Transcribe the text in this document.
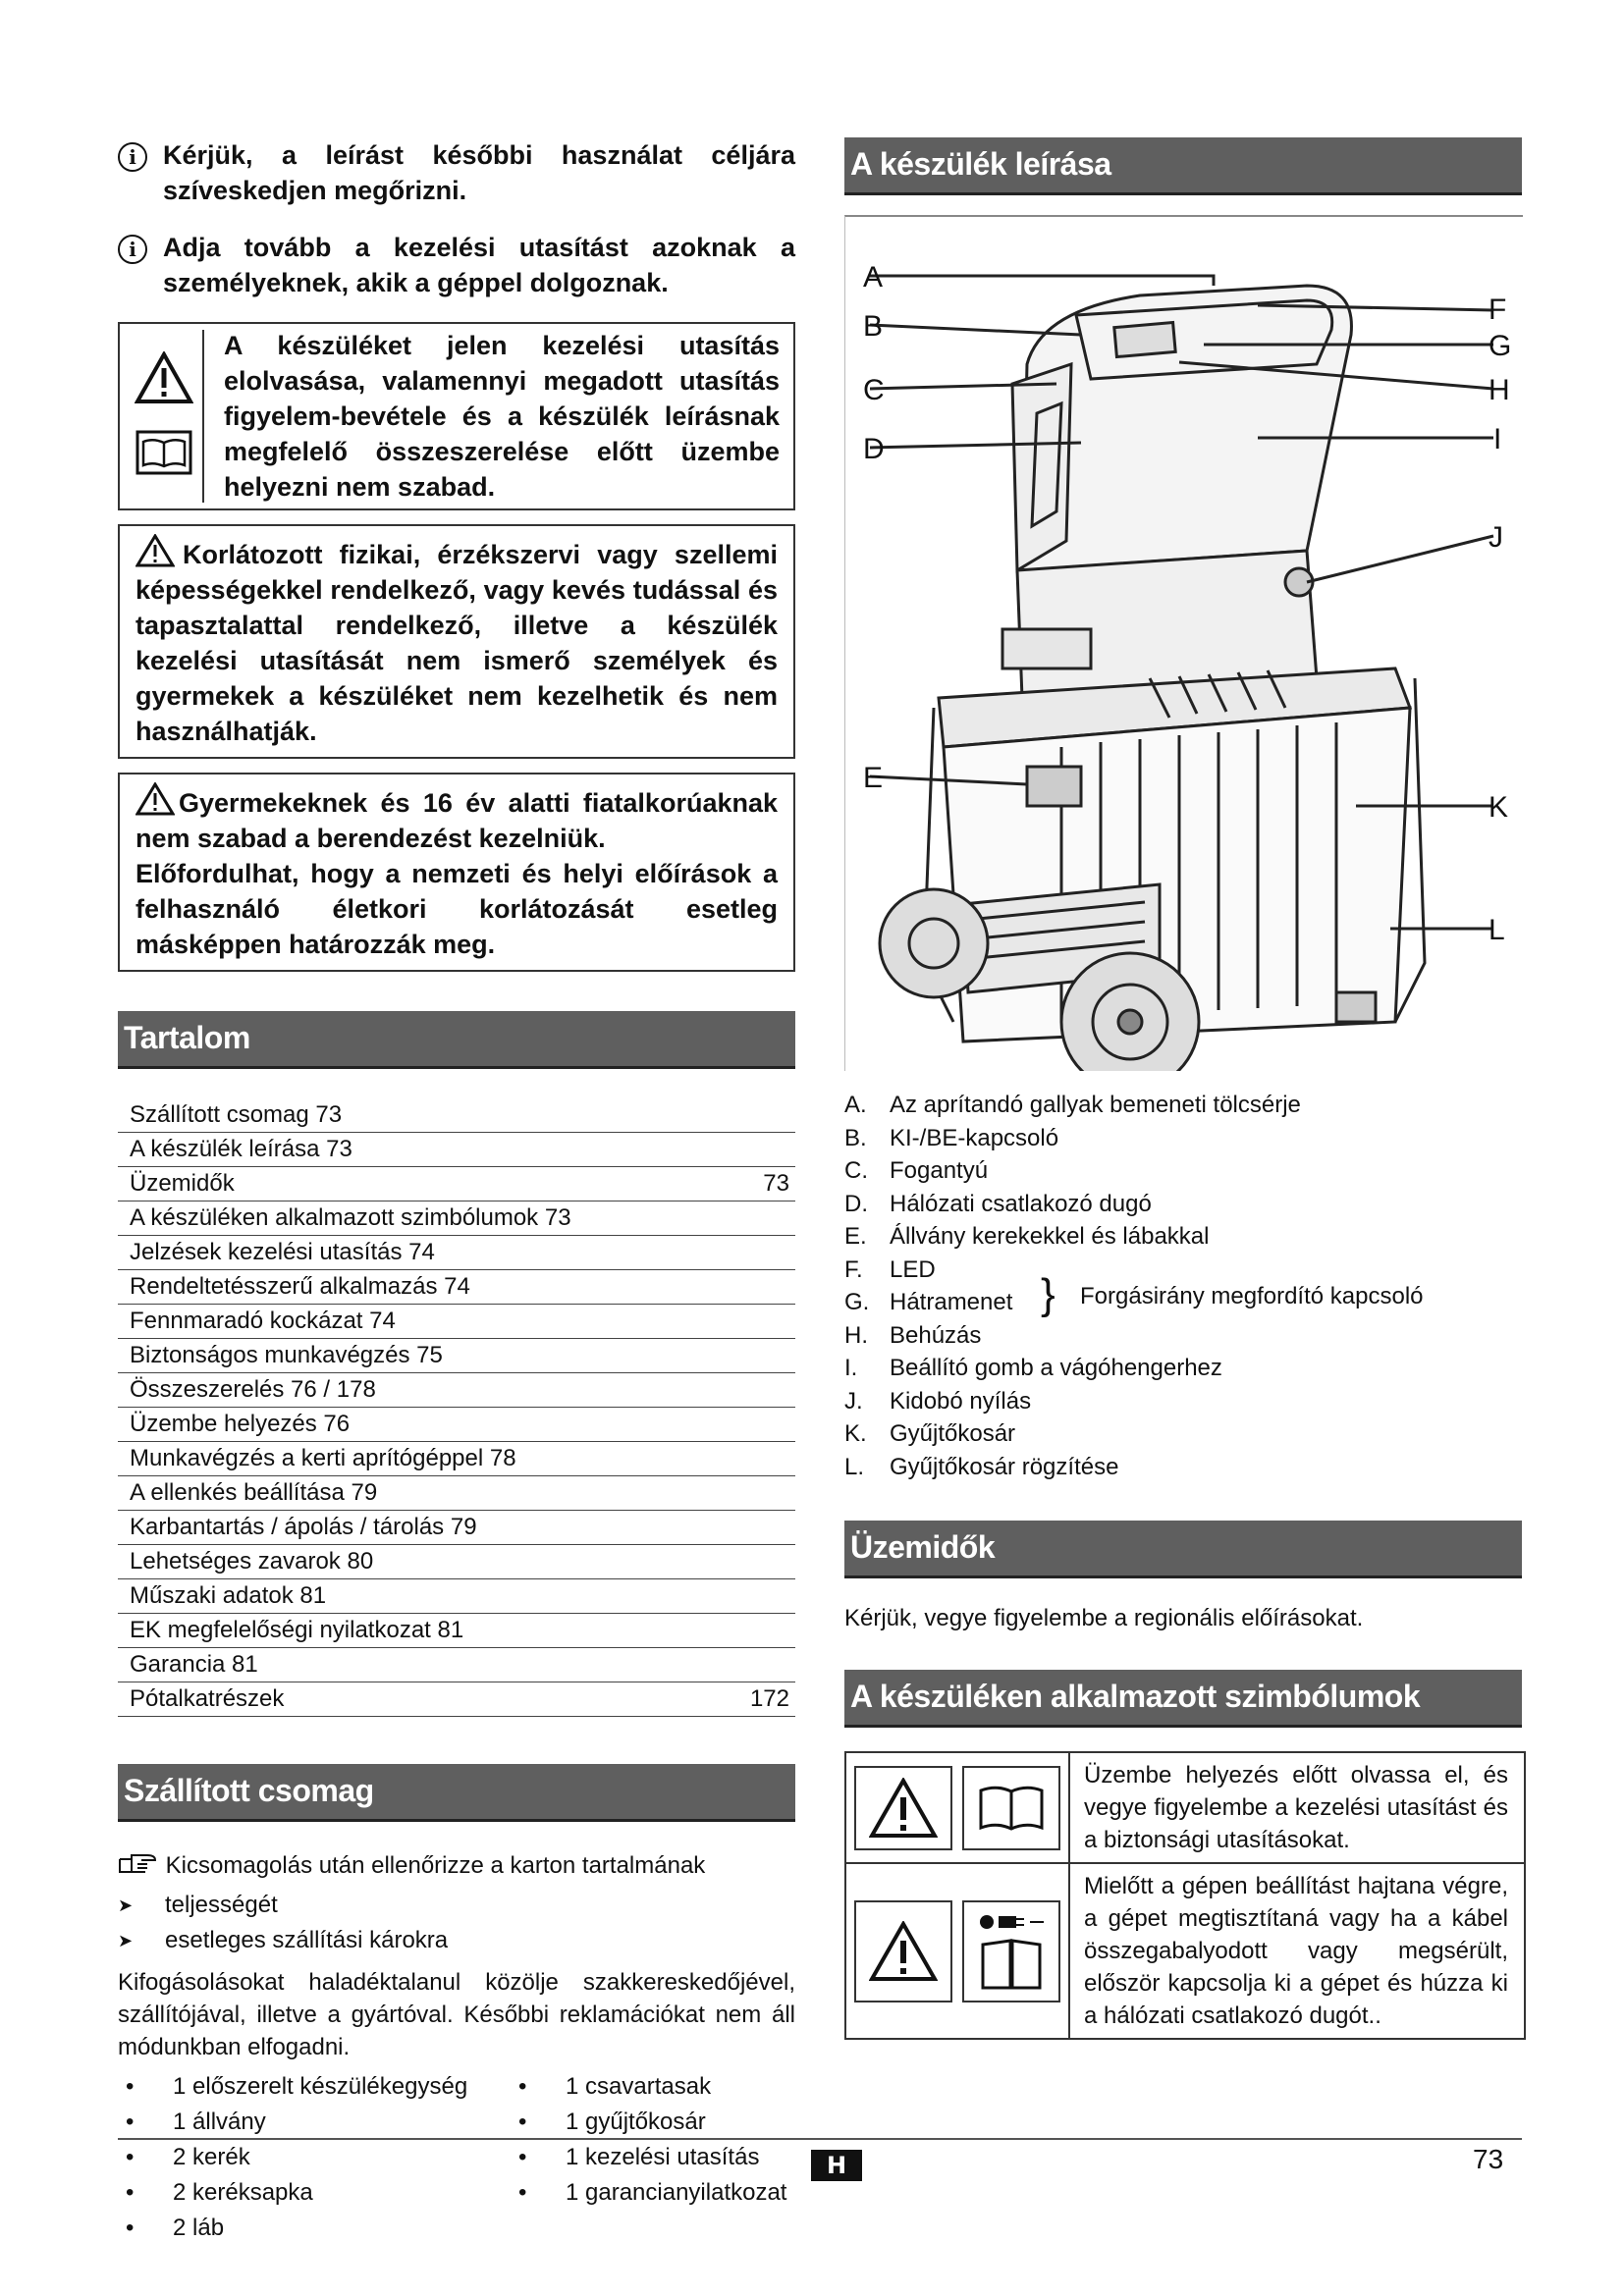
i	Kérjük, a leírást későbbi használat céljára szíveskedjen megőrizni.
i	Adja tovább a kezelési utasítást azoknak a személyeknek, akik a géppel dolgoznak.
A készüléket jelen kezelési utasítás elolvasása, valamennyi megadott utasítás figyelem-bevétele és a készülék leírásnak megfelelő összeszerelése előtt üzembe helyezni nem szabad.
Korlátozott fizikai, érzékszervi vagy szellemi képességekkel rendelkező, vagy kevés tudással és tapasztalattal rendelkező, illetve a készülék kezelési utasítását nem ismerő személyek és gyermekek a készüléket nem kezelhetik és nem használhatják.
Gyermekeknek és 16 év alatti fiatalkorúaknak nem szabad a berendezést kezelniük.
Előfordulhat, hogy a nemzeti és helyi előírások a felhasználó életkori korlátozását esetleg másképpen határozzák meg.
Tartalom
Szállított csomag 73
A készülék leírása 73
Üzemidők	73
A készüléken alkalmazott szimbólumok 73
Jelzések kezelési utasítás 74
Rendeltetésszerű alkalmazás 74
Fennmaradó kockázat 74
Biztonságos munkavégzés 75
Összeszerelés 76 / 178
Üzembe helyezés 76
Munkavégzés a kerti aprítógéppel 78
A ellenkés beállítása 79
Karbantartás / ápolás / tárolás 79
Lehetséges zavarok 80
Műszaki adatok 81
EK megfelelőségi nyilatkozat 81
Garancia 81
Pótalkatrészek	172
Szállított csomag
Kicsomagolás után ellenőrizze a karton tartalmának
➤	teljességét
➤	esetleges szállítási károkra
Kifogásolásokat haladéktalanul közölje szakkereskedőjével, szállítójával, illetve a gyártóval. Későbbi reklamációkat nem áll módunkban elfogadni.
•	1 előszerelt készülékegység
•	1 állvány
•	2 kerék
•	2 keréksapka
•	2 láb
•	1 csavartasak
•	1 gyűjtőkosár
•	1 kezelési utasítás
•	1 garancianyilatkozat
A készülék leírása
A
B
C
D
E
F
G
H
I
J
K
L
A. Az aprítandó gallyak bemeneti tölcsérje
B. KI-/BE-kapcsoló
C. Fogantyú
D. Hálózati csatlakozó dugó
E. Állvány kerekekkel és lábakkal
F.	LED
G. Hátramenet
H. Behúzás
I.	Beállító gomb a vágóhengerhez
J.	Kidobó nyílás
K. Gyűjtőkosár
L.	Gyűjtőkosár rögzítése
} Forgásirány megfordító kapcsoló
Üzemidők
Kérjük, vegye figyelembe a regionális előírásokat.
A készüléken alkalmazott szimbólumok
Üzembe helyezés előtt olvassa el, és vegye figyelembe a kezelési utasítást és a biztonsági utasításokat.
Mielőtt a gépen beállítást hajtana végre, a gépet megtisztítaná vagy ha a kábel összegabalyodott vagy megsérült, először kapcsolja ki a gépet és húzza ki a hálózati csatlakozó dugót..
H	73
